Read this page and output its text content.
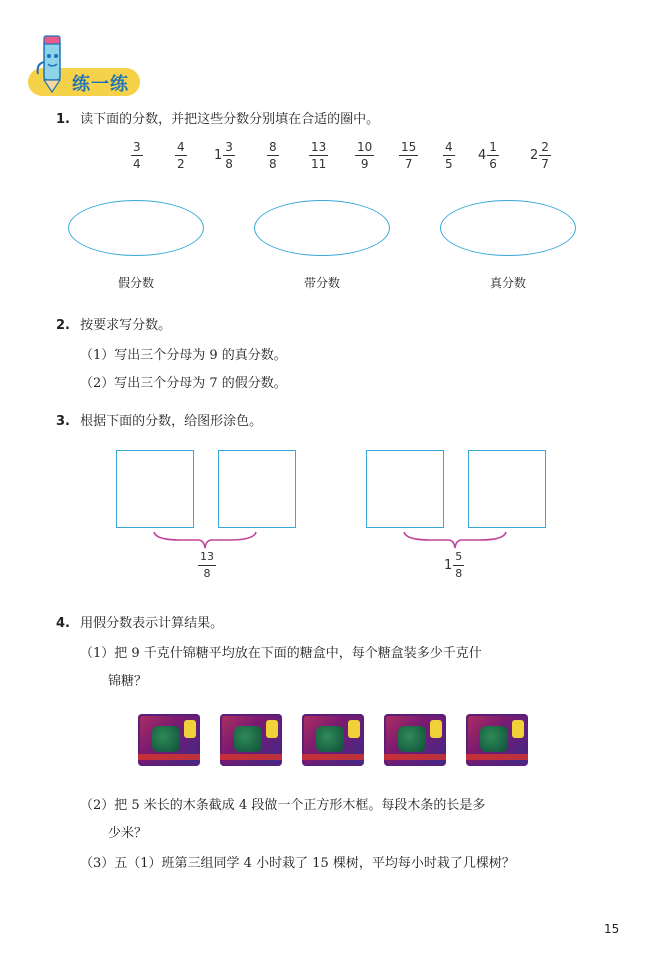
练一练
1. 读下面的分数，并把这些分数分别填在合适的圈中。
$\frac{3}{4}$	$\frac{4}{2} 1 \frac{3}{8}$	$\frac{8}{8}$	$\frac{13}{11} \frac{10}{9} \frac{15}{7} \frac{4}{5} 4 \frac{1}{6} 2 \frac{2}{7}$
假分数	带分数	真分数
2. 按要求写分数。
（1）写出三个分母为 9 的真分数。
（2）写出三个分母为 7 的假分数。
3. 根据下面的分数，给图形涂色。
$\frac{13}{8}$	$1 \frac{5}{8}$
4. 用假分数表示计算结果。
（1）把 9 千克什锦糖平均放在下面的糖盒中，每个糖盒装多少千克什
锦糖？
（2）把 5 米长的木条截成 4 段做一个正方形木框。每段木条的长是多
少米？
（3）五（1）班第三组同学 4 小时栽了 15 棵树，平均每小时栽了几棵树？
15
